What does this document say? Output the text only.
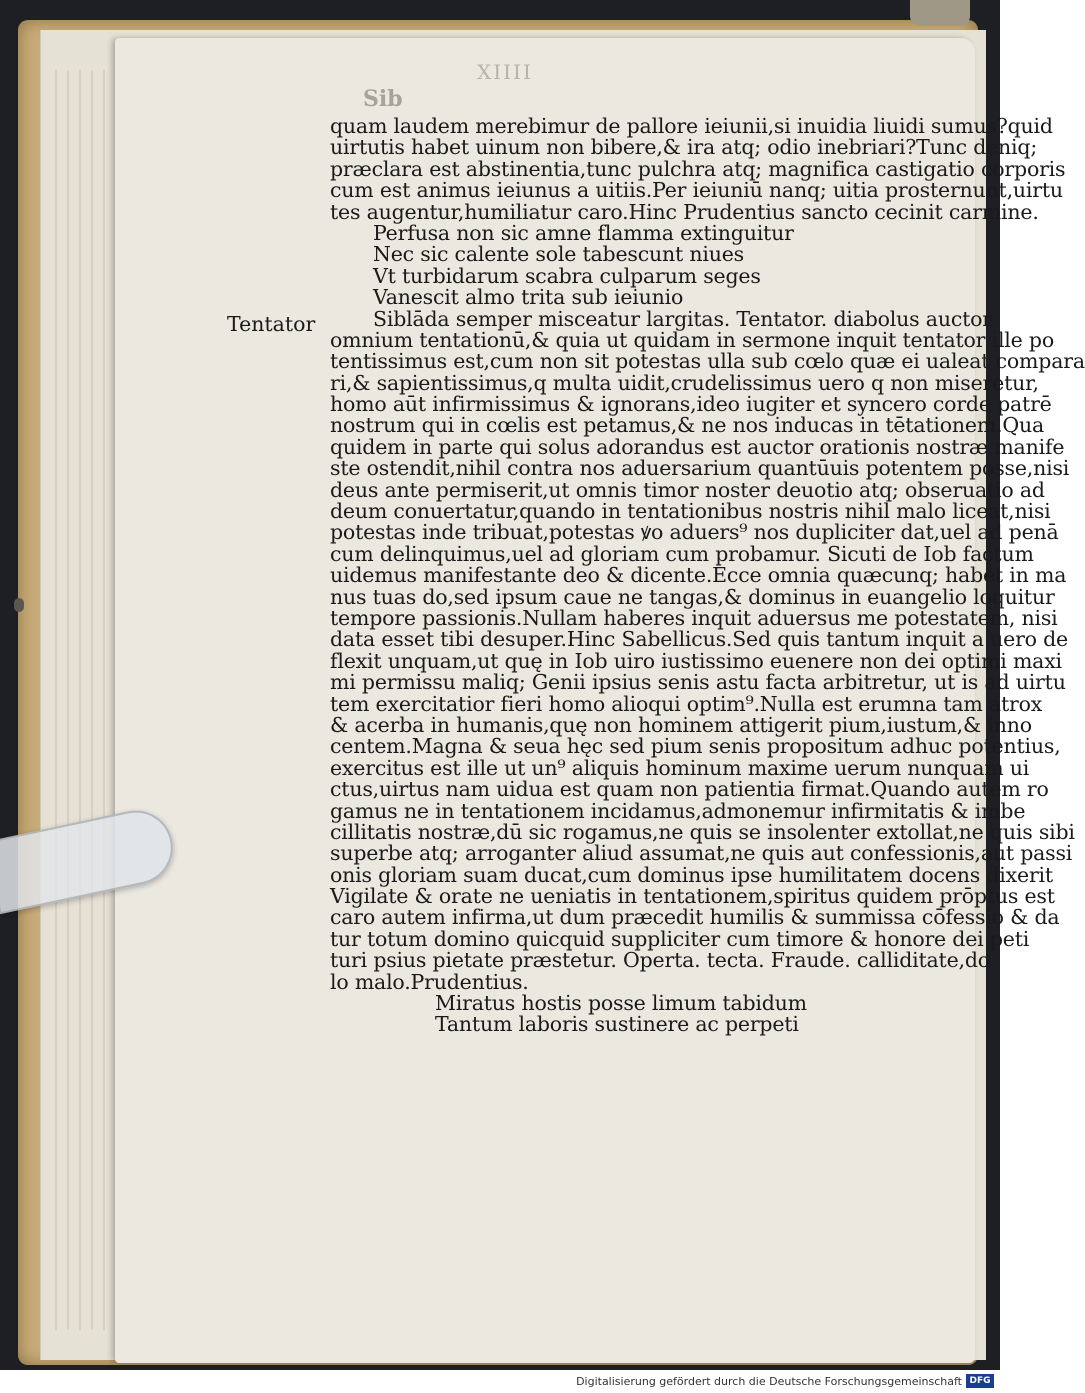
XIIII
Sib
Tentator
quam laudem merebimur de pallore ieiunii,si inuidia liuidi sumus?quid
uirtutis habet uinum non bibere,& ira atq; odio inebriari?Tunc deniq;
præclara est abstinentia,tunc pulchra atq; magnifica castigatio corporis
cum est animus ieiunus a uitiis.Per ieiuniū nanq; uitia prosternunt,uirtu
tes augentur,humiliatur caro.Hinc Prudentius sancto cecinit carmine.
Perfusa non sic amne flamma extinguitur
Nec sic calente sole tabescunt niues
Vt turbidarum scabra culparum seges
Vanescit almo trita sub ieiunio
Siblāda semper misceatur largitas. Tentator. diabolus auctor
omnium tentationū,& quia ut quidam in sermone inquit tentator ille po
tentissimus est,cum non sit potestas ulla sub cœlo quæ ei ualeat compara
ri,& sapientissimus,q multa uidit,crudelissimus uero q non miseretur,
homo aūt infirmissimus & ignorans,ideo iugiter et syncero corde patrē
nostrum qui in cœlis est petamus,& ne nos inducas in tētationem.Qua
quidem in parte qui solus adorandus est auctor orationis nostræ manife
ste ostendit,nihil contra nos aduersarium quantūuis potentem posse,nisi
deus ante permiserit,ut omnis timor noster deuotio atq; obseruatio ad
deum conuertatur,quando in tentationibus nostris nihil malo liceat,nisi
potestas inde tribuat,potestas ꝟo aduers⁹ nos dupliciter dat,uel ad penā
cum delinquimus,uel ad gloriam cum probamur. Sicuti de Iob factum
uidemus manifestante deo & dicente.Ecce omnia quæcunq; habet in ma
nus tuas do,sed ipsum caue ne tangas,& dominus in euangelio loquitur
tempore passionis.Nullam haberes inquit aduersus me potestatem, nisi
data esset tibi desuper.Hinc Sabellicus.Sed quis tantum inquit a uero de
flexit unquam,ut quę in Iob uiro iustissimo euenere non dei optimi maxi
mi permissu maliq; Genii ipsius senis astu facta arbitretur, ut is ad uirtu
tem exercitatior fieri homo alioqui optim⁹.Nulla est erumna tam atrox
& acerba in humanis,quę non hominem attigerit pium,iustum,& inno
centem.Magna & seua hęc sed pium senis propositum adhuc potentius,
exercitus est ille ut un⁹ aliquis hominum maxime uerum nunquam ui
ctus,uirtus nam uidua est quam non patientia firmat.Quando autem ro
gamus ne in tentationem incidamus,admonemur infirmitatis & imbe
cillitatis nostræ,dū sic rogamus,ne quis se insolenter extollat,ne quis sibi
superbe atq; arroganter aliud assumat,ne quis aut confessionis,aut passi
onis gloriam suam ducat,cum dominus ipse humilitatem docens dixerit
Vigilate & orate ne ueniatis in tentationem,spiritus quidem prōptus est
caro autem infirma,ut dum præcedit humilis & summissa cōfessio & da
tur totum domino quicquid suppliciter cum timore & honore dei peti
turi psius pietate præstetur. Operta. tecta. Fraude. calliditate,do
lo malo.Prudentius.
Miratus hostis posse limum tabidum
Tantum laboris sustinere ac perpeti
Digitalisierung gefördert durch die Deutsche Forschungsgemeinschaft DFG
